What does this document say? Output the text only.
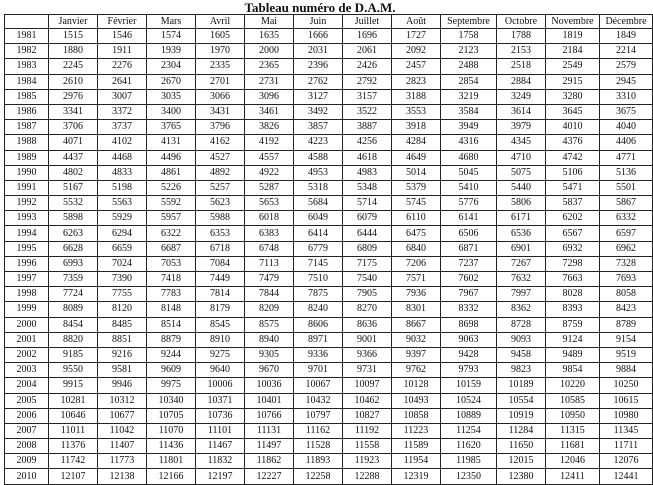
Tableau numéro de D.A.M.
	Janvier	Février	Mars	Avril	Mai	Juin	Juillet	Août	Septembre	Octobre	Novembre	Décembre
1981	1515	1546	1574	1605	1635	1666	1696	1727	1758	1788	1819	1849
1982	1880	1911	1939	1970	2000	2031	2061	2092	2123	2153	2184	2214
1983	2245	2276	2304	2335	2365	2396	2426	2457	2488	2518	2549	2579
1984	2610	2641	2670	2701	2731	2762	2792	2823	2854	2884	2915	2945
1985	2976	3007	3035	3066	3096	3127	3157	3188	3219	3249	3280	3310
1986	3341	3372	3400	3431	3461	3492	3522	3553	3584	3614	3645	3675
1987	3706	3737	3765	3796	3826	3857	3887	3918	3949	3979	4010	4040
1988	4071	4102	4131	4162	4192	4223	4256	4284	4316	4345	4376	4406
1989	4437	4468	4496	4527	4557	4588	4618	4649	4680	4710	4742	4771
1990	4802	4833	4861	4892	4922	4953	4983	5014	5045	5075	5106	5136
1991	5167	5198	5226	5257	5287	5318	5348	5379	5410	5440	5471	5501
1992	5532	5563	5592	5623	5653	5684	5714	5745	5776	5806	5837	5867
1993	5898	5929	5957	5988	6018	6049	6079	6110	6141	6171	6202	6332
1994	6263	6294	6322	6353	6383	6414	6444	6475	6506	6536	6567	6597
1995	6628	6659	6687	6718	6748	6779	6809	6840	6871	6901	6932	6962
1996	6993	7024	7053	7084	7113	7145	7175	7206	7237	7267	7298	7328
1997	7359	7390	7418	7449	7479	7510	7540	7571	7602	7632	7663	7693
1998	7724	7755	7783	7814	7844	7875	7905	7936	7967	7997	8028	8058
1999	8089	8120	8148	8179	8209	8240	8270	8301	8332	8362	8393	8423
2000	8454	8485	8514	8545	8575	8606	8636	8667	8698	8728	8759	8789
2001	8820	8851	8879	8910	8940	8971	9001	9032	9063	9093	9124	9154
2002	9185	9216	9244	9275	9305	9336	9366	9397	9428	9458	9489	9519
2003	9550	9581	9609	9640	9670	9701	9731	9762	9793	9823	9854	9884
2004	9915	9946	9975	10006	10036	10067	10097	10128	10159	10189	10220	10250
2005	10281	10312	10340	10371	10401	10432	10462	10493	10524	10554	10585	10615
2006	10646	10677	10705	10736	10766	10797	10827	10858	10889	10919	10950	10980
2007	11011	11042	11070	11101	11131	11162	11192	11223	11254	11284	11315	11345
2008	11376	11407	11436	11467	11497	11528	11558	11589	11620	11650	11681	11711
2009	11742	11773	11801	11832	11862	11893	11923	11954	11985	12015	12046	12076
2010	12107	12138	12166	12197	12227	12258	12288	12319	12350	12380	12411	12441
